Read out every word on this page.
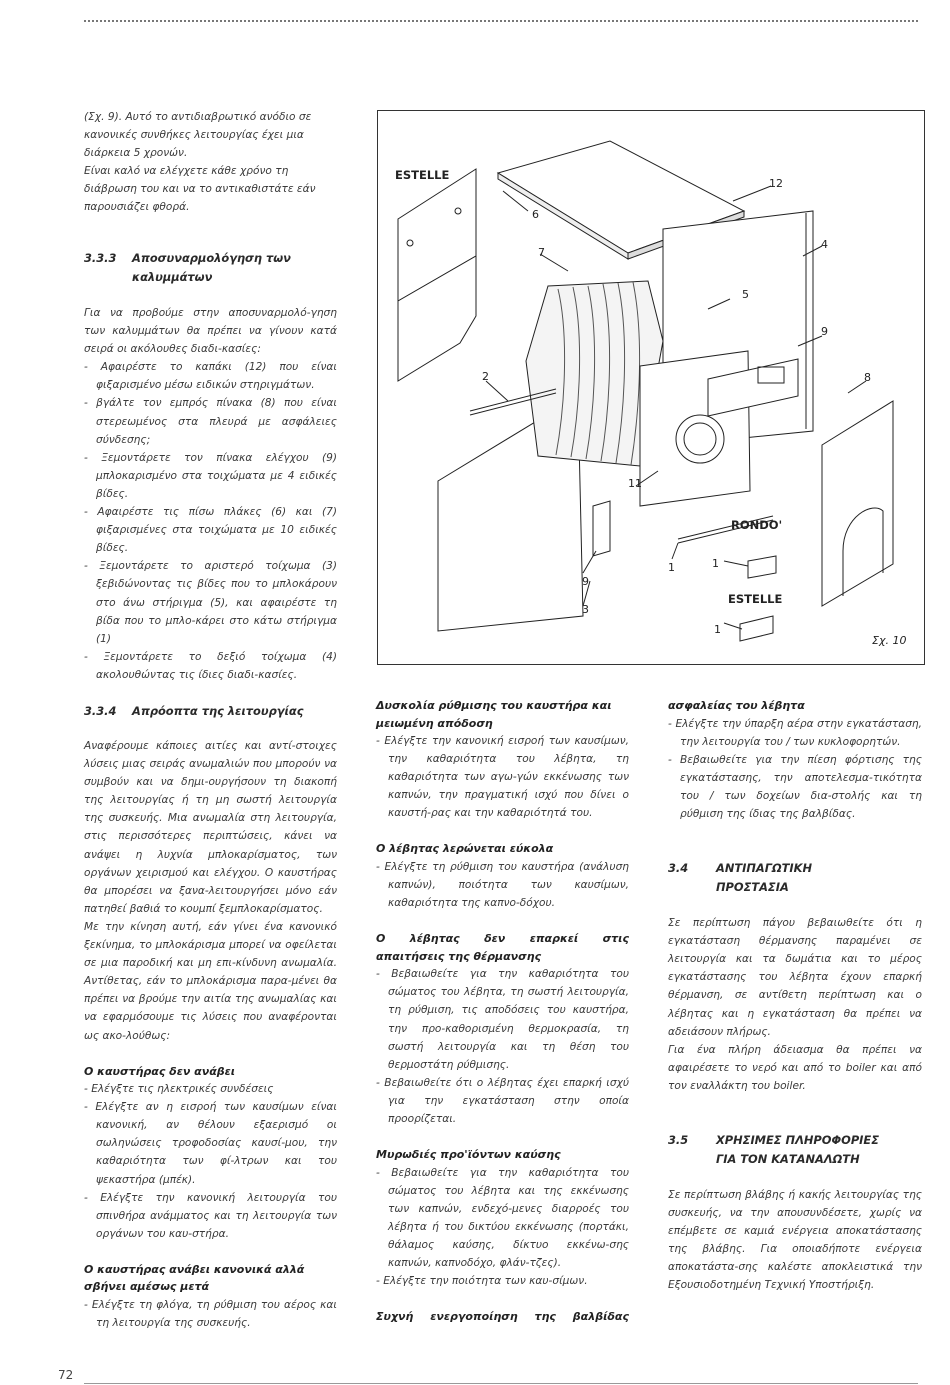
(Σχ. 9). Αυτό το αντιδιαβρωτικό ανόδιο σε

κανονικές συνθήκες λειτουργίας έχει μια

διάρκεια 5 χρονών.

Είναι καλό να ελέγχετε κάθε χρόνο τη

διάβρωση του και να το αντικαθιστάτε εάν

παρουσιάζει φθορά.

3.3.3 Αποσυναρμολόγηση των
καλυμμάτων

Για να προβούμε στην αποσυναρμολό-γηση των καλυμμάτων θα πρέπει να γίνουν κατά σειρά οι ακόλουθες διαδι-κασίες:

- Αφαιρέστε το καπάκι (12) που είναι φιξαρισμένο μέσω ειδικών στηριγμάτων.

- βγάλτε τον εμπρός πίνακα (8) που είναι στερεωμένος στα πλευρά με ασφάλειες σύνδεσης;

- Ξεμοντάρετε τον πίνακα ελέγχου (9) μπλοκαρισμένο στα τοιχώματα με 4 ειδικές βίδες.

- Αφαιρέστε τις πίσω πλάκες (6) και (7) φιξαρισμένες στα τοιχώματα με 10 ειδικές βίδες.

- Ξεμοντάρετε το αριστερό τοίχωμα (3) ξεβιδώνοντας τις βίδες που το μπλοκάρουν στο άνω στήριγμα (5), και αφαιρέστε τη βίδα που το μπλο-κάρει στο κάτω στήριγμα (1)

- Ξεμοντάρετε το δεξιό τοίχωμα (4) ακολουθώντας τις ίδιες διαδι-κασίες.

ESTELLE
12
6
7
4
5
9
8
2
11
1
9
3
1
1
RONDO'
ESTELLE
Σχ. 10
3.3.4 Απρόοπτα της λειτουργίας

Αναφέρουμε κάποιες αιτίες και αντί-στοιχες λύσεις μιας σειράς ανωμαλιών που μπορούν να συμβούν και να δημι-ουργήσουν τη διακοπή της λειτουργίας ή τη μη σωστή λειτουργία της συσκευής. Μια ανωμαλία στη λειτουργία, στις περισσότερες περιπτώσεις, κάνει να ανάψει η λυχνία μπλοκαρίσματος, των οργάνων χειρισμού και ελέγχου. Ο καυστήρας θα μπορέσει να ξανα-λειτουργήσει μόνο εάν πατηθεί βαθιά το κουμπί ξεμπλοκαρίσματος.

Με την κίνηση αυτή, εάν γίνει ένα κανονικό ξεκίνημα, το μπλοκάρισμα μπορεί να οφείλεται σε μια παροδική και μη επι-κίνδυνη ανωμαλία. Αντίθετας, εάν το μπλοκάρισμα παρα-μένει θα πρέπει να βρούμε την αιτία της ανωμαλίας και να εφαρμόσουμε τις λύσεις που αναφέρονται ως ακο-λούθως:

Ο καυστήρας δεν ανάβει

- Ελέγξτε τις ηλεκτρικές συνδέσεις

- Ελέγξτε αν η εισροή των καυσίμων είναι κανονική, αν θέλουν εξαερισμό οι σωληνώσεις τροφοδοσίας καυσί-μου, την καθαριότητα των φί-λτρων και του ψεκαστήρα (μπέκ).

- Ελέγξτε την κανονική λειτουργία του σπινθήρα ανάμματος και τη λειτουργία των οργάνων του καυ-στήρα.

Ο καυστήρας ανάβει κανονικά αλλά
σβήνει αμέσως μετά

- Ελέγξτε τη φλόγα, τη ρύθμιση του αέρος και τη λειτουργία της συσκευής.

Δυσκολία ρύθμισης του καυστήρα και
μειωμένη απόδοση

- Ελέγξτε την κανονική εισροή των καυσίμων, την καθαριότητα του λέβητα, τη καθαριότητα των αγω-γών εκκένωσης των καπνών, την πραγματική ισχύ που δίνει ο καυστή-ρας και την καθαριότητά του.

Ο λέβητας λερώνεται εύκολα

- Ελέγξτε τη ρύθμιση του καυστήρα (ανάλυση καπνών), ποιότητα των καυσίμων, καθαριότητα της καπνο-δόχου.

Ο λέβητας δεν επαρκεί στις
απαιτήσεις της θέρμανσης

- Βεβαιωθείτε για την καθαριότητα του σώματος του λέβητα, τη σωστή λειτουργία, τη ρύθμιση, τις αποδόσεις του καυστήρα, την προ-καθορισμένη θερμοκρασία, τη σωστή λειτουργία και τη θέση του θερμοστάτη ρύθμισης.

- Βεβαιωθείτε ότι ο λέβητας έχει επαρκή ισχύ για την εγκατάσταση στην οποία προορίζεται.

Μυρωδιές προ'ϊόντων καύσης

- Βεβαιωθείτε για την καθαριότητα του σώματος του λέβητα και της εκκένωσης των καπνών, ενδεχό-μενες διαρροές του λέβητα ή του δικτύου εκκένωσης (πορτάκι, θάλαμος καύσης, δίκτυο εκκένω-σης καπνών, καπνοδόχο, φλάν-τζες).

- Ελέγξτε την ποιότητα των καυ-σίμων.

Συχνή ενεργοποίηση της βαλβίδας
ασφαλείας του λέβητα

- Ελέγξτε την ύπαρξη αέρα στην εγκατάσταση, την λειτουργία του / των κυκλοφορητών.

- Βεβαιωθείτε για την πίεση φόρτισης της εγκατάστασης, την αποτελεσμα-τικότητα του / των δοχείων δια-στολής και τη ρύθμιση της ίδιας της βαλβίδας.

3.4 ΑΝΤΙΠΑΓΩΤΙΚΗ
ΠΡΟΣΤΑΣΙΑ

Σε περίπτωση πάγου βεβαιωθείτε ότι η εγκατάσταση θέρμανσης παραμένει σε λειτουργία και τα δωμάτια και το μέρος εγκατάστασης του λέβητα έχουν επαρκή θέρμανση, σε αντίθετη περίπτωση και ο λέβητας και η εγκατάσταση θα πρέπει να αδειάσουν πλήρως.

Για ένα πλήρη άδειασμα θα πρέπει να αφαιρέσετε το νερό και από το boiler και από τον εναλλάκτη του boiler.

3.5 ΧΡΗΣΙΜΕΣ ΠΛΗΡΟΦΟΡΙΕΣ
ΓΙΑ ΤΟΝ ΚΑΤΑΝΑΛΩΤΗ

Σε περίπτωση βλάβης ή κακής λειτουργίας της συσκευής, να την απουσυνδέσετε, χωρίς να επέμβετε σε καμιά ενέργεια αποκατάστασης της βλάβης. Για οποιαδήποτε ενέργεια αποκατάστα-σης καλέστε αποκλειστικά την Εξουσιοδοτημένη Τεχνική Υποστήριξη.

72
